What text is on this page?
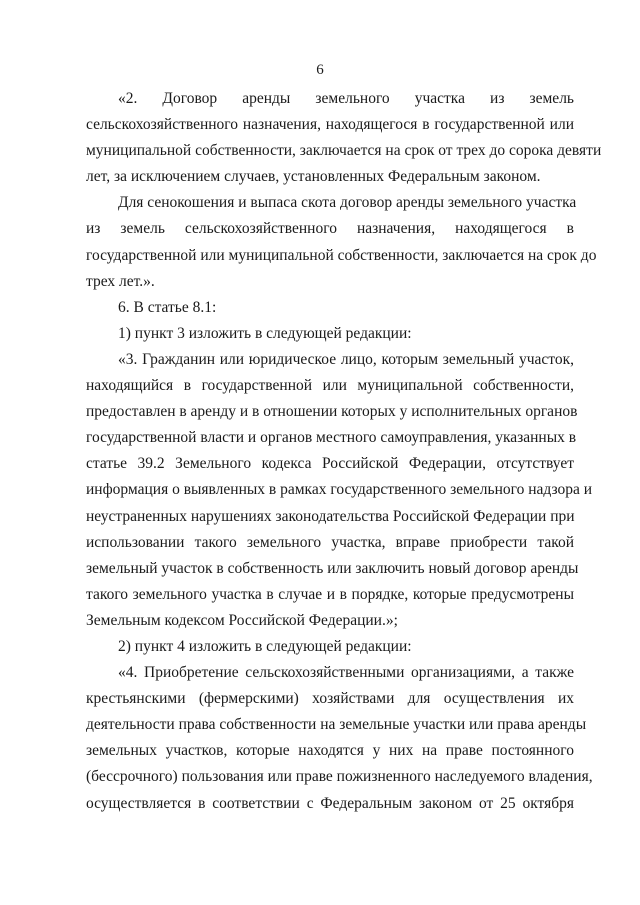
6
«2. Договор аренды земельного участка из земель
сельскохозяйственного назначения, находящегося в государственной или
муниципальной собственности, заключается на срок от трех до сорока девяти
лет, за исключением случаев, установленных Федеральным законом.
Для сенокошения и выпаса скота договор аренды земельного участка
из земель сельскохозяйственного назначения, находящегося в
государственной или муниципальной собственности, заключается на срок до
трех лет.».
6. В статье 8.1:
1) пункт 3 изложить в следующей редакции:
«3. Гражданин или юридическое лицо, которым земельный участок,
находящийся в государственной или муниципальной собственности,
предоставлен в аренду и в отношении которых у исполнительных органов
государственной власти и органов местного самоуправления, указанных в
статье 39.2 Земельного кодекса Российской Федерации, отсутствует
информация о выявленных в рамках государственного земельного надзора и
неустраненных нарушениях законодательства Российской Федерации при
использовании такого земельного участка, вправе приобрести такой
земельный участок в собственность или заключить новый договор аренды
такого земельного участка в случае и в порядке, которые предусмотрены
Земельным кодексом Российской Федерации.»;
2) пункт 4 изложить в следующей редакции:
«4. Приобретение сельскохозяйственными организациями, а также
крестьянскими (фермерскими) хозяйствами для осуществления их
деятельности права собственности на земельные участки или права аренды
земельных участков, которые находятся у них на праве постоянного
(бессрочного) пользования или праве пожизненного наследуемого владения,
осуществляется в соответствии с Федеральным законом от 25 октября
